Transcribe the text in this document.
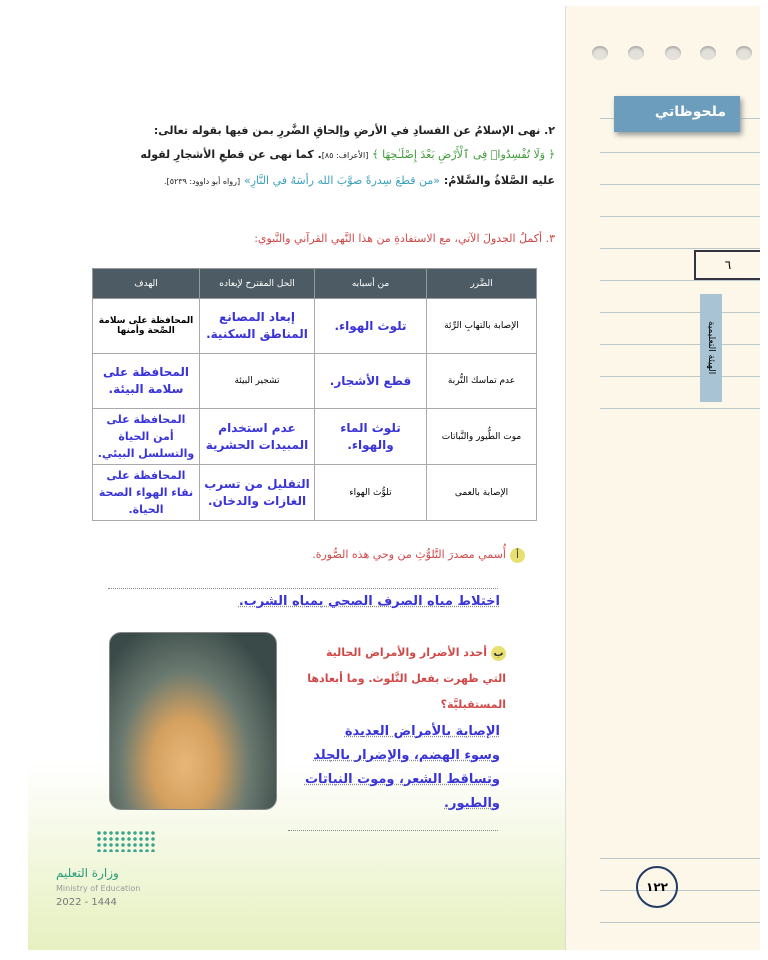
ملحوظاتي
٦
الهيئة التعليمية
١٢٢
٢. نهى الإسلامُ عن الفسادِ في الأرضِ وإلحاقِ الضَّررِ بمن فيها بقوله تعالى:
﴿ وَلَا تُفْسِدُوا۟ فِى ٱلْأَرْضِ بَعْدَ إِصْلَـٰحِهَا ﴾ [الأعراف: ٨٥]. كما نهى عن قطعِ الأشجارِ لقوله
عليه الصَّلاةُ والسَّلامُ: «من قطعَ سِدرةً صوَّبَ الله رأسَهُ في النَّارِ» [رواه أبو داوود: ٥٢٣٩].
٣. أكملُ الجدولَ الآتي، مع الاستفادةِ من هذا النَّهي القرآني والنَّبوي:
الضَّرر	من أسبابه	الحل المقترح لإبعاده	الهدف
الإصابة بالتهابِ الرِّئة	تلوث الهواء.	إبعاد المصانع المناطق السكنية.	المحافظة على سلامة الصِّحة وأمنها
عدم تماسك التُّربة	قطع الأشجار.	تشجير البيئة	المحافظة على سلامة البيئة.
موت الطُّيور والنَّباتات	تلوث الماء والهواء.	عدم استخدام المبيدات الحشرية	المحافظة على أمن الحياة والتسلسل البيئي.
الإصابة بالعمى	تلوُّث الهواء	التقليل من تسرب الغازات والدخان.	المحافظة على نقاء الهواء الصحة الحياة.
أأُسمي مصدرَ التَّلوُّثِ من وحي هذه الصُّورة.
اختلاط مياه الصرف الصحي بمياه الشرب.
بأحدد الأضرار والأمراض الحالية التي ظهرت بفعل التَّلوث. وما أبعادها المستقبليَّة؟
الإصابة بالأمراض العديدة
وسوء الهضم، والإضرار بالجلد
وتساقط الشعر، وموت النباتات
والطيور.
وزارة التعليم
Ministry of Education
2022 - 1444
